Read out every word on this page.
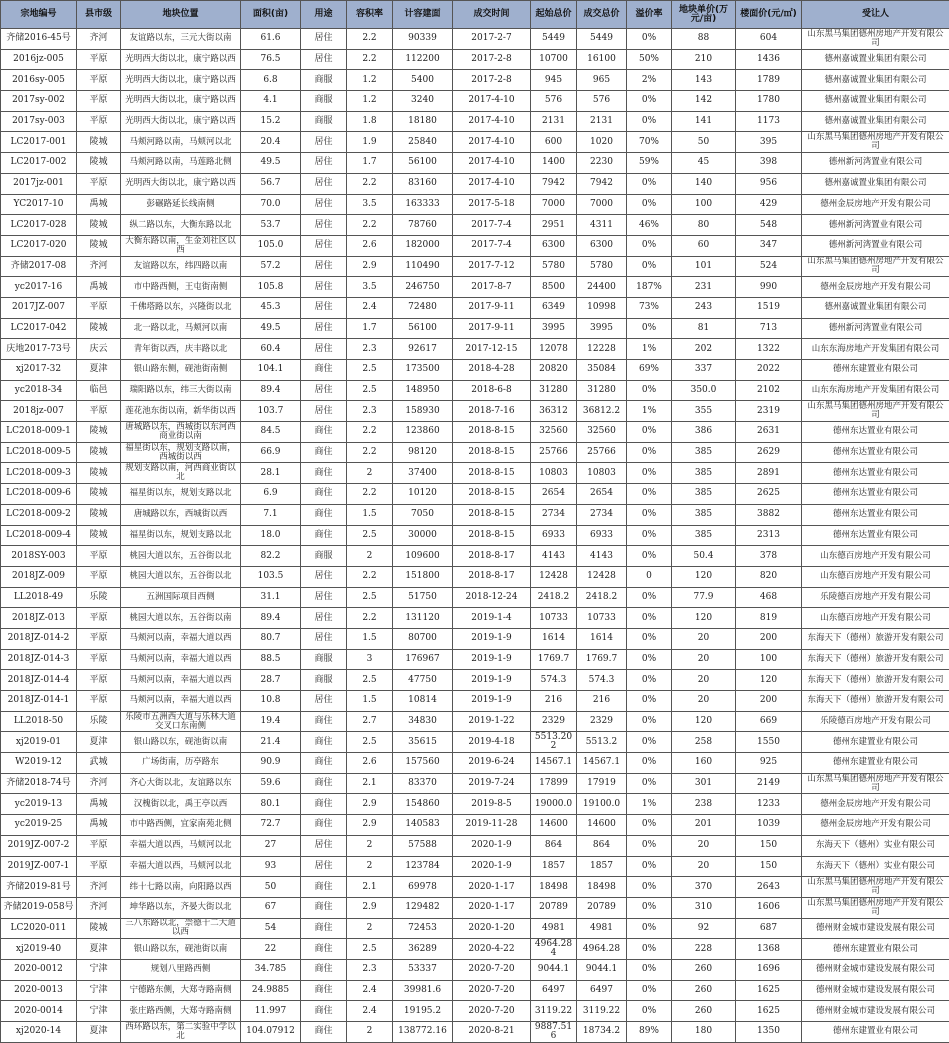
宗地编号	县市级	地块位置	面积(亩)	用途	容积率	计容建面	成交时间	起始总价	成交总价	溢价率	地块单价(万元/亩)	楼面价(元/㎡)	受让人
齐储2016-45号	齐河	友谊路以东，三元大街以南	61.6	居住	2.2	90339	2017-2-7	5449	5449	0%	88	604	山东黑马集团德州房地产开发有限公司
2016jz-005	平原	光明西大街以北，康宁路以西	76.5	居住	2.2	112200	2017-2-8	10700	16100	50%	210	1436	德州嘉诚置业集团有限公司
2016sy-005	平原	光明西大街以北，康宁路以西	6.8	商服	1.2	5400	2017-2-8	945	965	2%	143	1789	德州嘉诚置业集团有限公司
2017sy-002	平原	光明西大街以北，康宁路以西	4.1	商服	1.2	3240	2017-4-10	576	576	0%	142	1780	德州嘉诚置业集团有限公司
2017sy-003	平原	光明西大街以北，康宁路以西	15.2	商服	1.8	18180	2017-4-10	2131	2131	0%	141	1173	德州嘉诚置业集团有限公司
LC2017-001	陵城	马颊河路以南，马颊河以北	20.4	居住	1.9	25840	2017-4-10	600	1020	70%	50	395	山东黑马集团德州房地产开发有限公司
LC2017-002	陵城	马颊河路以南，马莲路北侧	49.5	居住	1.7	56100	2017-4-10	1400	2230	59%	45	398	德州新河湾置业有限公司
2017jz-001	平原	光明西大街以北，康宁路以西	56.7	居住	2.2	83160	2017-4-10	7942	7942	0%	140	956	德州嘉诚置业集团有限公司
YC2017-10	禹城	彭碾路延长线南侧	70.0	居住	3.5	163333	2017-5-18	7000	7000	0%	100	429	德州金辰房地产开发有限公司
LC2017-028	陵城	纵二路以东，大衡东路以北	53.7	居住	2.2	78760	2017-7-4	2951	4311	46%	80	548	德州新河湾置业有限公司
LC2017-020	陵城	大衡东路以南，生金刘社区以西	105.0	居住	2.6	182000	2017-7-4	6300	6300	0%	60	347	德州新河湾置业有限公司
齐储2017-08	齐河	友谊路以东，纬四路以南	57.2	居住	2.9	110490	2017-7-12	5780	5780	0%	101	524	山东黑马集团德州房地产开发有限公司
yc2017-16	禹城	市中路西侧，王屯街南侧	105.8	居住	3.5	246750	2017-8-7	8500	24400	187%	231	990	德州金辰房地产开发有限公司
2017JZ-007	平原	千佛塔路以东，兴隆街以北	45.3	居住	2.4	72480	2017-9-11	6349	10998	73%	243	1519	德州嘉诚置业集团有限公司
LC2017-042	陵城	北一路以北，马颊河以南	49.5	居住	1.7	56100	2017-9-11	3995	3995	0%	81	713	德州新河湾置业有限公司
庆地2017-73号	庆云	青年街以西，庆丰路以北	60.4	居住	2.3	92617	2017-12-15	12078	12228	1%	202	1322	山东东海房地产开发集团有限公司
xj2017-32	夏津	银山路东侧，砚池街南侧	104.1	商住	2.5	173500	2018-4-28	20820	35084	69%	337	2022	德州东建置业有限公司
yc2018-34	临邑	瑞阳路以东，纬三大街以南	89.4	居住	2.5	148950	2018-6-8	31280	31280	0%	350.0	2102	山东东海房地产开发集团有限公司
2018jz-007	平原	莲花池东街以南，新华街以西	103.7	居住	2.3	158930	2018-7-16	36312	36812.2	1%	355	2319	山东黑马集团德州房地产开发有限公司
LC2018-009-1	陵城	唐城路以东，西城街以东河西商业街以南	84.5	商住	2.2	123860	2018-8-15	32560	32560	0%	386	2631	德州东达置业有限公司
LC2018-009-5	陵城	福星街以东，规划支路以南，西城街以西	66.9	商住	2.2	98120	2018-8-15	25766	25766	0%	385	2629	德州东达置业有限公司
LC2018-009-3	陵城	规划支路以南，河西商业街以北	28.1	商住	2	37400	2018-8-15	10803	10803	0%	385	2891	德州东达置业有限公司
LC2018-009-6	陵城	福星街以东，规划支路以北	6.9	商住	2.2	10120	2018-8-15	2654	2654	0%	385	2625	德州东达置业有限公司
LC2018-009-2	陵城	唐城路以东，西城街以西	7.1	商住	1.5	7050	2018-8-15	2734	2734	0%	385	3882	德州东达置业有限公司
LC2018-009-4	陵城	福星街以东，规划支路以北	18.0	商住	2.5	30000	2018-8-15	6933	6933	0%	385	2313	德州东达置业有限公司
2018SY-003	平原	桃园大道以东，五谷街以北	82.2	商服	2	109600	2018-8-17	4143	4143	0%	50.4	378	山东德百房地产开发有限公司
2018JZ-009	平原	桃园大道以东，五谷街以北	103.5	居住	2.2	151800	2018-8-17	12428	12428	0	120	820	山东德百房地产开发有限公司
LL2018-49	乐陵	五洲国际项目西侧	31.1	居住	2.5	51750	2018-12-24	2418.2	2418.2	0%	77.9	468	乐陵德百房地产开发有限公司
2018JZ-013	平原	桃园大道以东，五谷街以南	89.4	居住	2.2	131120	2019-1-4	10733	10733	0%	120	819	山东德百房地产开发有限公司
2018JZ-014-2	平原	马颊河以南，幸福大道以西	80.7	居住	1.5	80700	2019-1-9	1614	1614	0%	20	200	东海天下（德州）旅游开发有限公司
2018JZ-014-3	平原	马颊河以南，幸福大道以西	88.5	商服	3	176967	2019-1-9	1769.7	1769.7	0%	20	100	东海天下（德州）旅游开发有限公司
2018JZ-014-4	平原	马颊河以南，幸福大道以西	28.7	商服	2.5	47750	2019-1-9	574.3	574.3	0%	20	120	东海天下（德州）旅游开发有限公司
2018JZ-014-1	平原	马颊河以南，幸福大道以西	10.8	居住	1.5	10814	2019-1-9	216	216	0%	20	200	东海天下（德州）旅游开发有限公司
LL2018-50	乐陵	乐陵市五洲西大道与乐林大道交叉口东南侧	19.4	商住	2.7	34830	2019-1-22	2329	2329	0%	120	669	乐陵德百房地产开发有限公司
xj2019-01	夏津	银山路以东，砚池街以南	21.4	商住	2.5	35615	2019-4-18	5513.202	5513.2	0%	258	1550	德州东建置业有限公司
W2019-12	武城	广场街南，历亭路东	90.9	商住	2.6	157560	2019-6-24	14567.1	14567.1	0%	160	925	德州东建置业有限公司
齐储2018-74号	齐河	齐心大街以北，友谊路以东	59.6	商住	2.1	83370	2019-7-24	17899	17919	0%	301	2149	山东黑马集团德州房地产开发有限公司
yc2019-13	禹城	汉槐街以北，禹王亭以西	80.1	商住	2.9	154860	2019-8-5	19000.0	19100.0	1%	238	1233	德州金辰房地产开发有限公司
yc2019-25	禹城	市中路西侧，宜家南苑北侧	72.7	商住	2.9	140583	2019-11-28	14600	14600	0%	201	1039	德州金辰房地产开发有限公司
2019JZ-007-2	平原	幸福大道以西，马颊河以北	27	居住	2	57588	2020-1-9	864	864	0%	20	150	东海天下（德州）实业有限公司
2019JZ-007-1	平原	幸福大道以西，马颊河以北	93	居住	2	123784	2020-1-9	1857	1857	0%	20	150	东海天下（德州）实业有限公司
齐储2019-81号	齐河	纬十七路以南，向阳路以西	50	商住	2.1	69978	2020-1-17	18498	18498	0%	370	2643	山东黑马集团德州房地产开发有限公司
齐储2019-058号	齐河	坤华路以东，齐晏大街以北	67	商住	2.9	129482	2020-1-17	20789	20789	0%	310	1606	山东黑马集团德州房地产开发有限公司
LC2020-011	陵城	三八东路以北，崇德十二大道以西	54	商住	2	72453	2020-1-20	4981	4981	0%	92	687	德州财金城市建设发展有限公司
xj2019-40	夏津	银山路以东，砚池街以南	22	商住	2.5	36289	2020-4-22	4964.284	4964.28	0%	228	1368	德州东建置业有限公司
2020-0012	宁津	规划八里路西侧	34.785	商住	2.3	53337	2020-7-20	9044.1	9044.1	0%	260	1696	德州财金城市建设发展有限公司
2020-0013	宁津	宁德路东侧，大郑寺路南侧	24.9885	商住	2.4	39981.6	2020-7-20	6497	6497	0%	260	1625	德州财金城市建设发展有限公司
2020-0014	宁津	张庄路西侧，大郑寺路南侧	11.997	商住	2.4	19195.2	2020-7-20	3119.22	3119.22	0%	260	1625	德州财金城市建设发展有限公司
xj2020-14	夏津	西环路以东，第二实验中学以北	104.07912	商住	2	138772.16	2020-8-21	9887.516	18734.2	89%	180	1350	德州东建置业有限公司
